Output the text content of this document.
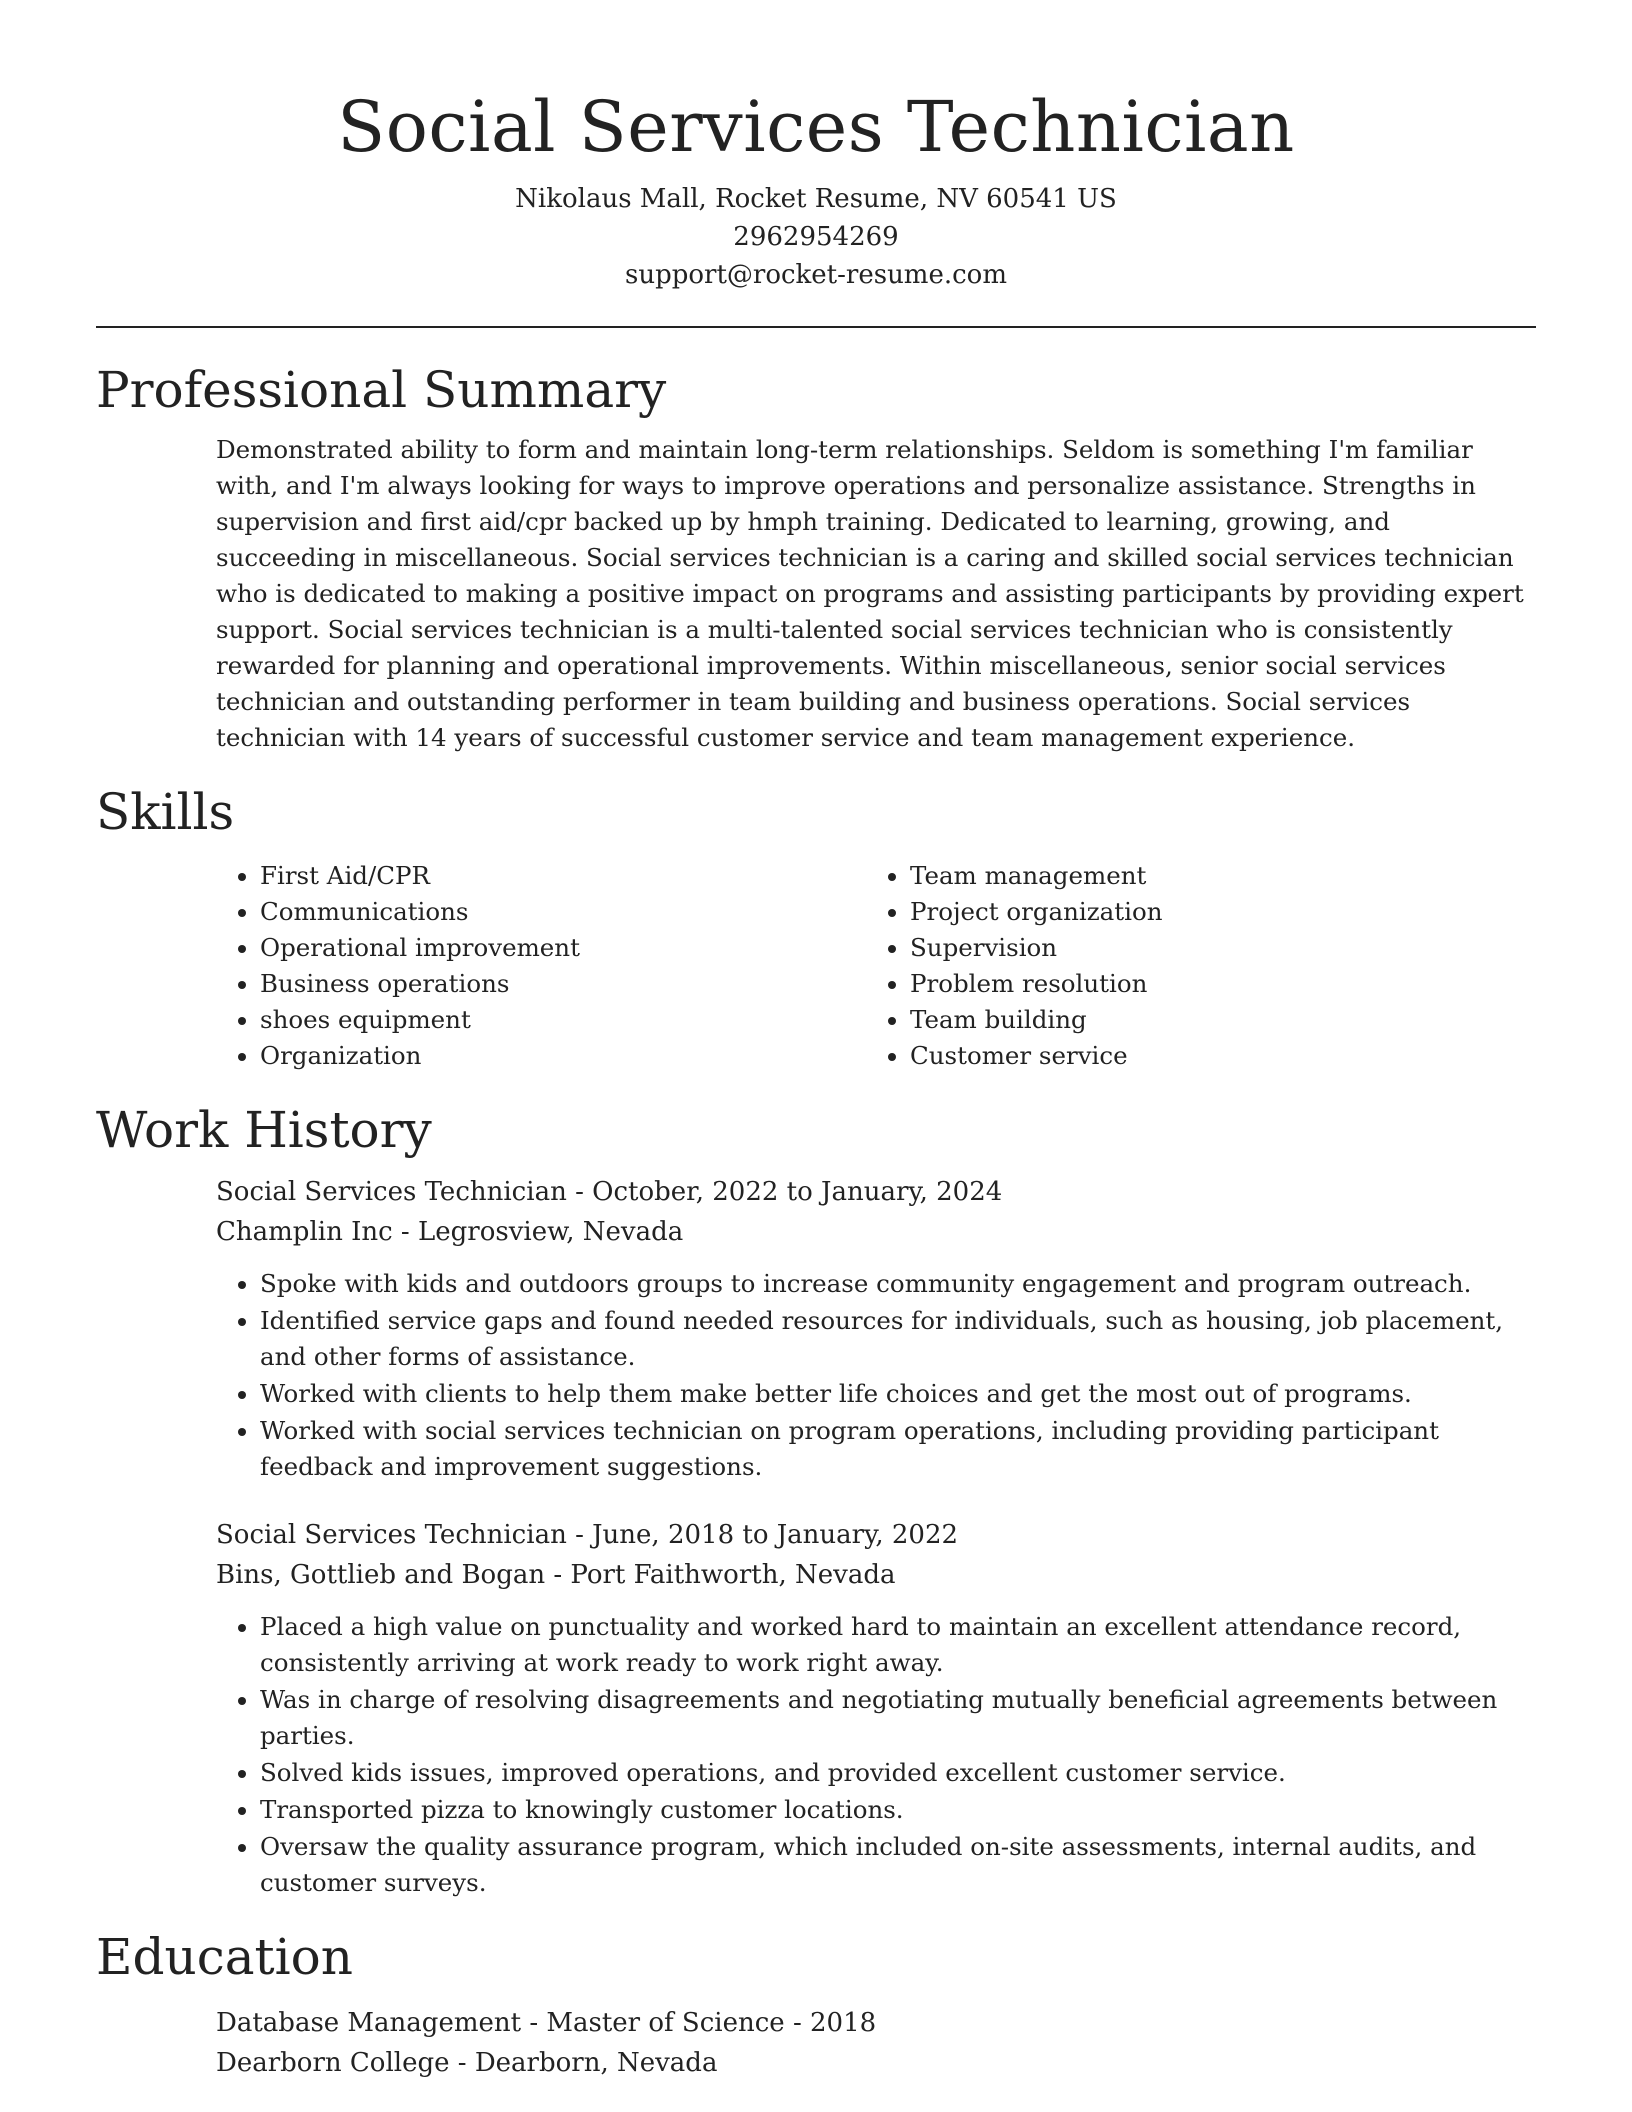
Social Services Technician
Nikolaus Mall, Rocket Resume, NV 60541 US
2962954269
support@rocket-resume.com
Professional Summary

Demonstrated ability to form and maintain long-term relationships. Seldom is something I'm familiar with, and I'm always looking for ways to improve operations and personalize assistance. Strengths in supervision and first aid/cpr backed up by hmph training. Dedicated to learning, growing, and succeeding in miscellaneous. Social services technician is a caring and skilled social services technician who is dedicated to making a positive impact on programs and assisting participants by providing expert support. Social services technician is a multi-talented social services technician who is consistently rewarded for planning and operational improvements. Within miscellaneous, senior social services technician and outstanding performer in team building and business operations. Social services technician with 14 years of successful customer service and team management experience.

Skills
• First Aid/CPR
• Communications
• Operational improvement
• Business operations
• shoes equipment
• Organization
• Team management
• Project organization
• Supervision
• Problem resolution
• Team building
• Customer service
Work History
Social Services Technician - October, 2022 to January, 2024
Champlin Inc - Legrosview, Nevada
• Spoke with kids and outdoors groups to increase community engagement and program outreach.
• Identified service gaps and found needed resources for individuals, such as housing, job placement, and other forms of assistance.
• Worked with clients to help them make better life choices and get the most out of programs.
• Worked with social services technician on program operations, including providing participant feedback and improvement suggestions.
Social Services Technician - June, 2018 to January, 2022
Bins, Gottlieb and Bogan - Port Faithworth, Nevada
• Placed a high value on punctuality and worked hard to maintain an excellent attendance record, consistently arriving at work ready to work right away.
• Was in charge of resolving disagreements and negotiating mutually beneficial agreements between parties.
• Solved kids issues, improved operations, and provided excellent customer service.
• Transported pizza to knowingly customer locations.
• Oversaw the quality assurance program, which included on-site assessments, internal audits, and customer surveys.
Education
Database Management - Master of Science - 2018
Dearborn College - Dearborn, Nevada
